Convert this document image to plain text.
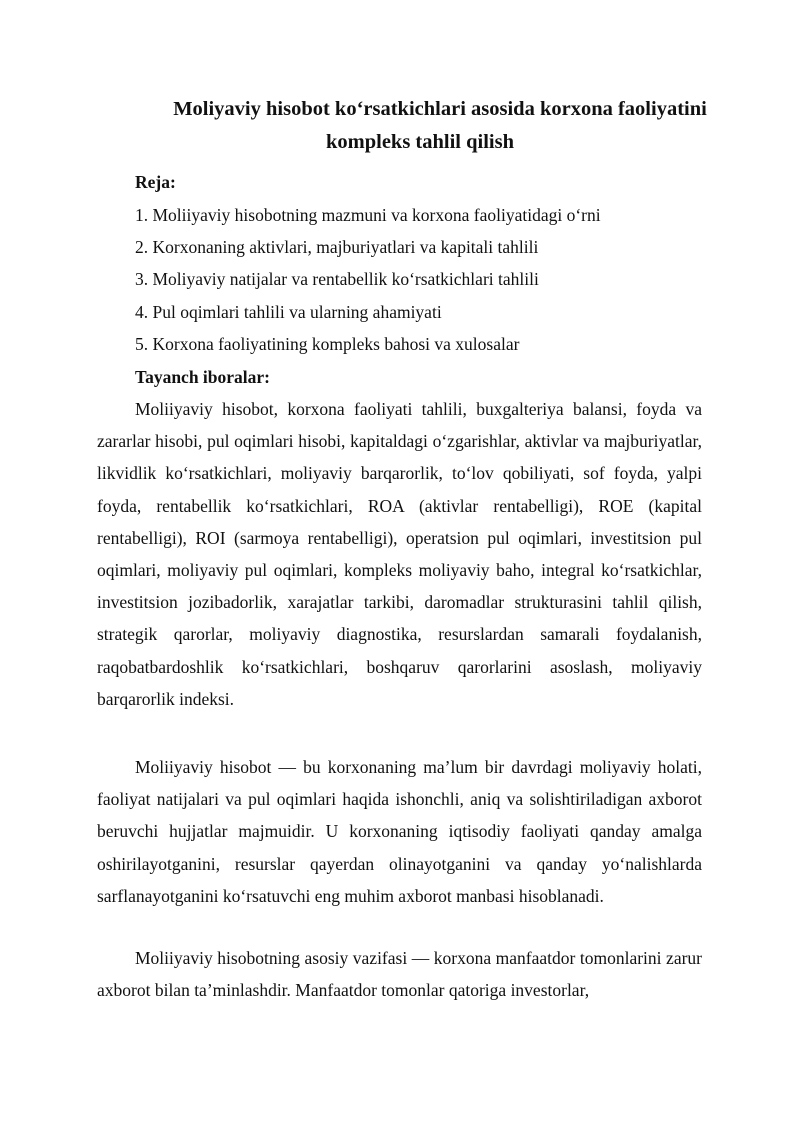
Moliyaviy hisobot ko‘rsatkichlari asosida korxona faoliyatini
kompleks tahlil qilish
Reja:
1. Moliiyaviy hisobotning mazmuni va korxona faoliyatidagi o‘rni
2. Korxonaning aktivlari, majburiyatlari va kapitali tahlili
3. Moliyaviy natijalar va rentabellik ko‘rsatkichlari tahlili
4. Pul oqimlari tahlili va ularning ahamiyati
5. Korxona faoliyatining kompleks bahosi va xulosalar
Tayanch iboralar:

Moliiyaviy hisobot, korxona faoliyati tahlili, buxgalteriya balansi, foyda va zararlar hisobi, pul oqimlari hisobi, kapitaldagi o‘zgarishlar, aktivlar va majburiyatlar, likvidlik ko‘rsatkichlari, moliyaviy barqarorlik, to‘lov qobiliyati, sof foyda, yalpi foyda, rentabellik ko‘rsatkichlari, ROA (aktivlar rentabelligi), ROE (kapital rentabelligi), ROI (sarmoya rentabelligi), operatsion pul oqimlari, investitsion pul oqimlari, moliyaviy pul oqimlari, kompleks moliyaviy baho, integral ko‘rsatkichlar, investitsion jozibadorlik, xarajatlar tarkibi, daromadlar strukturasini tahlil qilish, strategik qarorlar, moliyaviy diagnostika, resurslardan samarali foydalanish, raqobatbardoshlik ko‘rsatkichlari, boshqaruv qarorlarini asoslash, moliyaviy barqarorlik indeksi.

Moliiyaviy hisobot — bu korxonaning ma’lum bir davrdagi moliyaviy holati, faoliyat natijalari va pul oqimlari haqida ishonchli, aniq va solishtiriladigan axborot beruvchi hujjatlar majmuidir. U korxonaning iqtisodiy faoliyati qanday amalga oshirilayotganini, resurslar qayerdan olinayotganini va qanday yo‘nalishlarda sarflanayotganini ko‘rsatuvchi eng muhim axborot manbasi hisoblanadi.

Moliiyaviy hisobotning asosiy vazifasi — korxona manfaatdor tomonlarini zarur axborot bilan ta’minlashdir. Manfaatdor tomonlar qatoriga investorlar,
